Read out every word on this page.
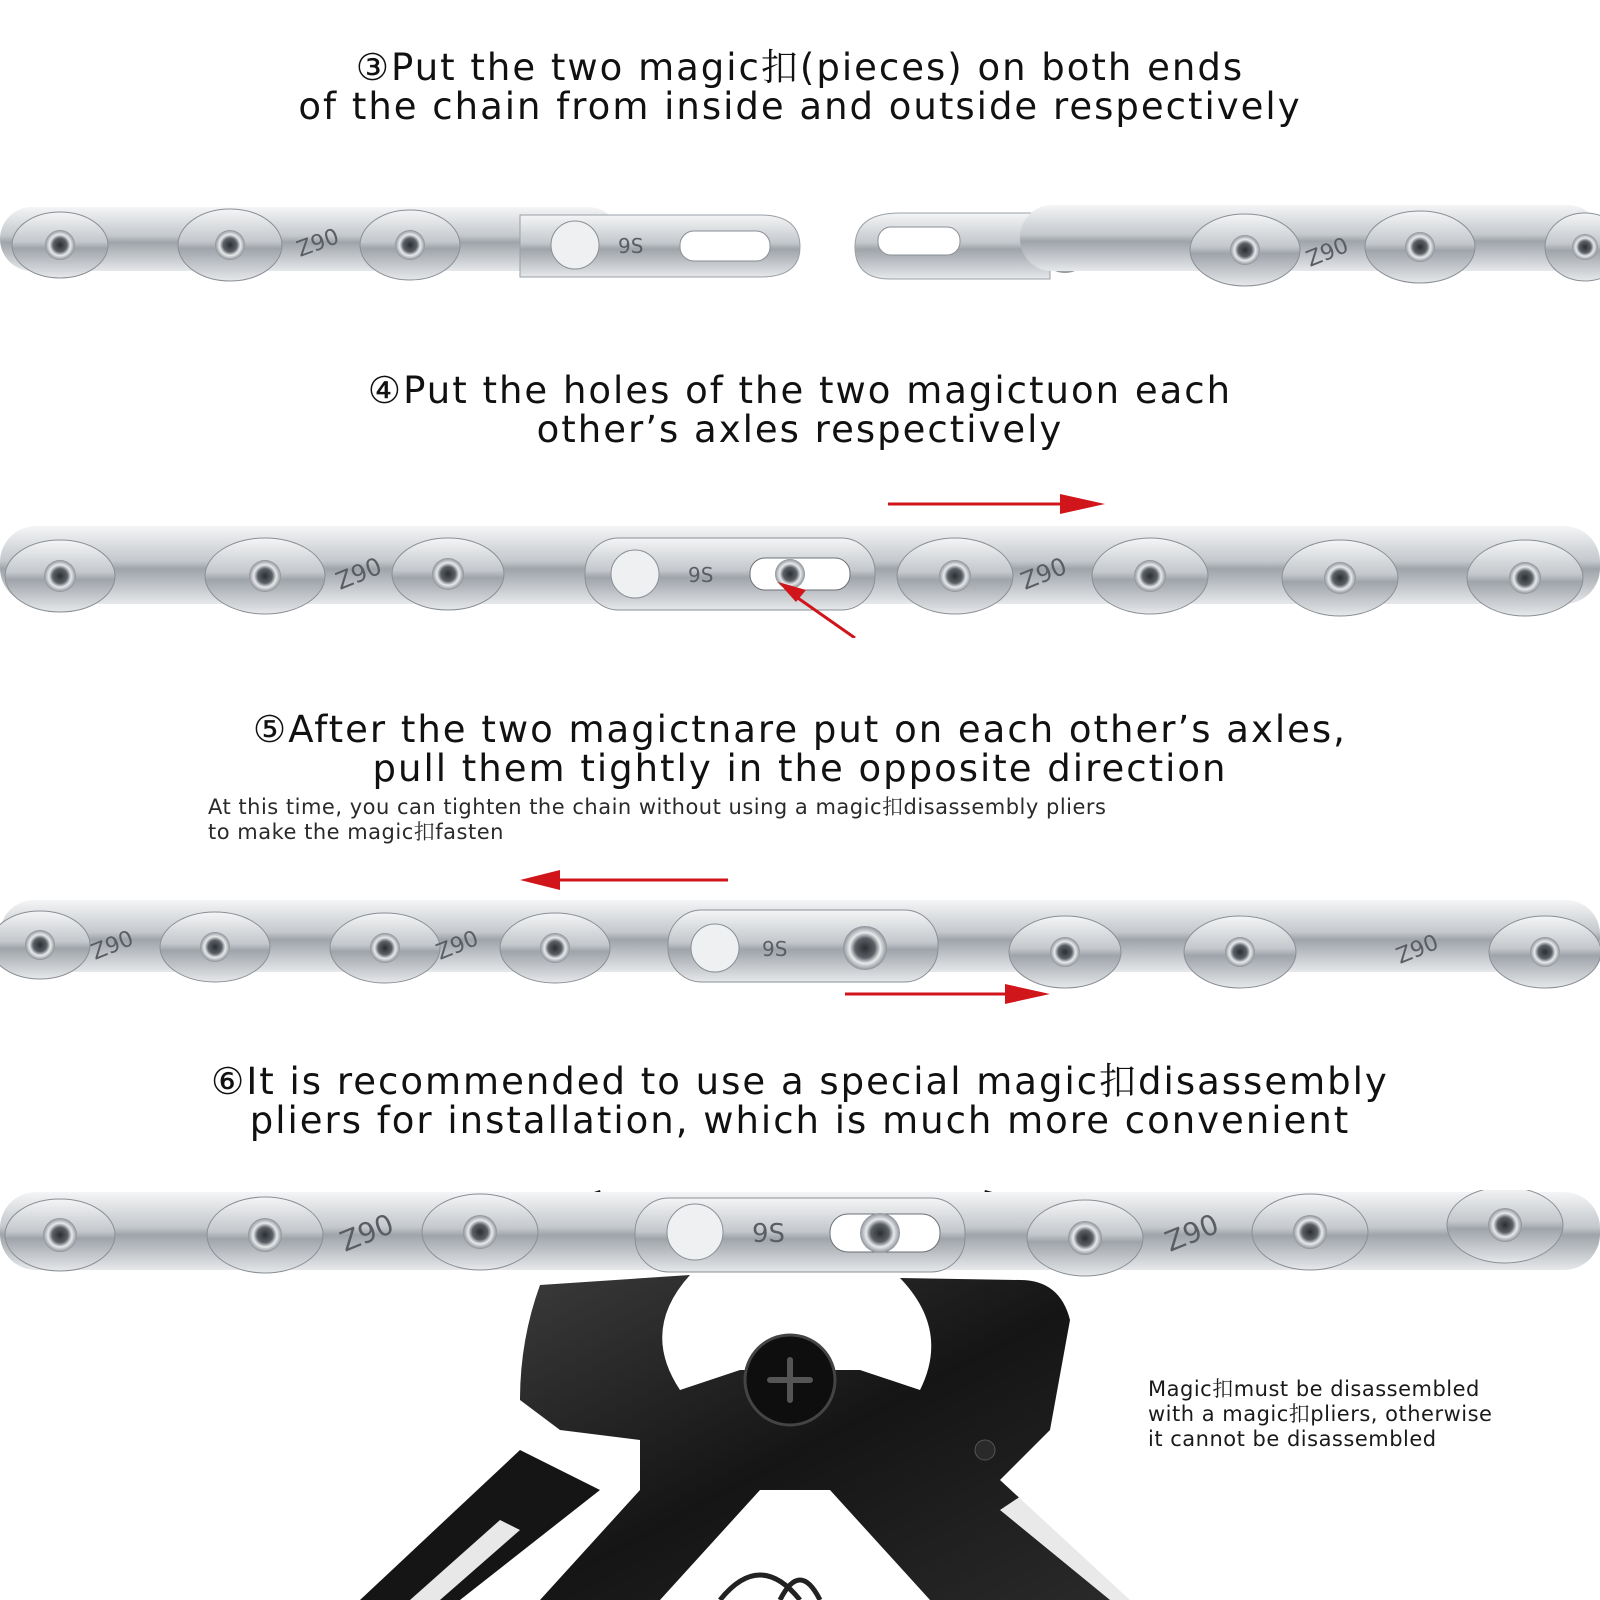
③Put the two magic扣(pieces) on both ends
of the chain from inside and outside respectively
Z90	9S	Z90
④Put the holes of the two magictuon each
other’s axles respectively
Z90	Z90
9S
⑤After the two magictnare put on each other’s axles,
pull them tightly in the opposite direction
At this time, you can tighten the chain without using a magic扣disassembly pliers
to make the magic扣fasten
Z90	Z90	Z90
9S
⑥It is recommended to use a special magic扣disassembly
pliers for installation, which is much more convenient
Z90	Z90
9S
Magic扣must be disassembled
with a magic扣pliers, otherwise
it cannot be disassembled
